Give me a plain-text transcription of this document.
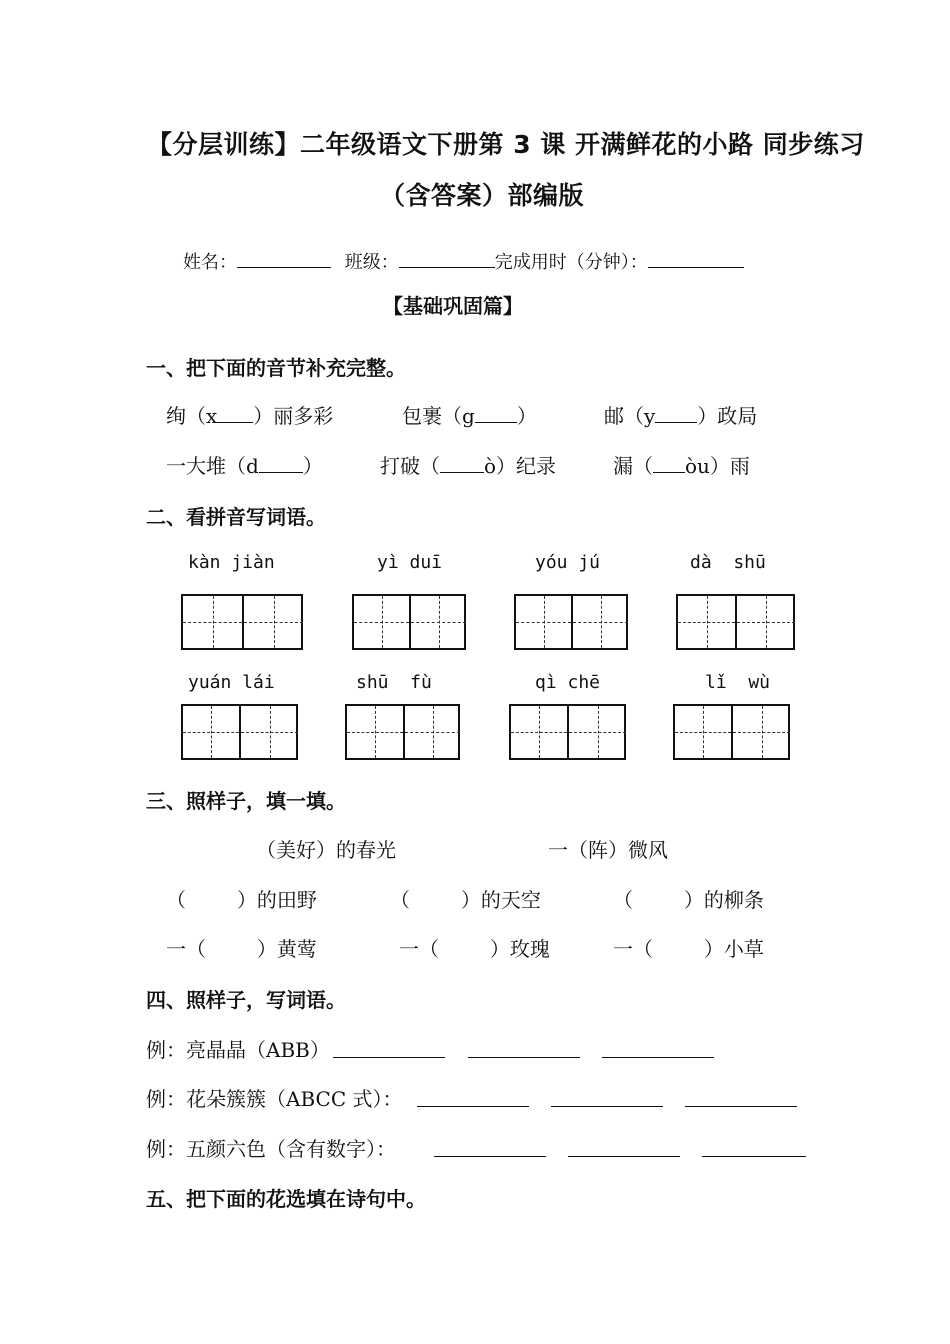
【分层训练】二年级语文下册第 3 课 开满鲜花的小路 同步练习
（含答案）部编版
姓名：	班级：	完成用时（分钟）：
【基础巩固篇】
一、把下面的音节补充完整。
绚（x ）丽多彩	包裹（g ）	邮（y ）政局
一大堆（d ）	打破（ ò）纪录	漏（ òu）雨
二、看拼音写词语。
kàn jiàn	yì duī	yóu jú	dà  shū
yuán lái	shū  fù	qì chē	lǐ  wù
三、照样子，填一填。
（美好）的春光	一（阵）微风
（        ）的田野	（        ）的天空	（        ）的柳条
一（        ）黄莺	一（        ）玫瑰	一（        ）小草
四、照样子，写词语。
例：亮晶晶（ABB）
例：花朵簇簇（ABCC 式）：
例：五颜六色（含有数字）：
五、把下面的花选填在诗句中。
